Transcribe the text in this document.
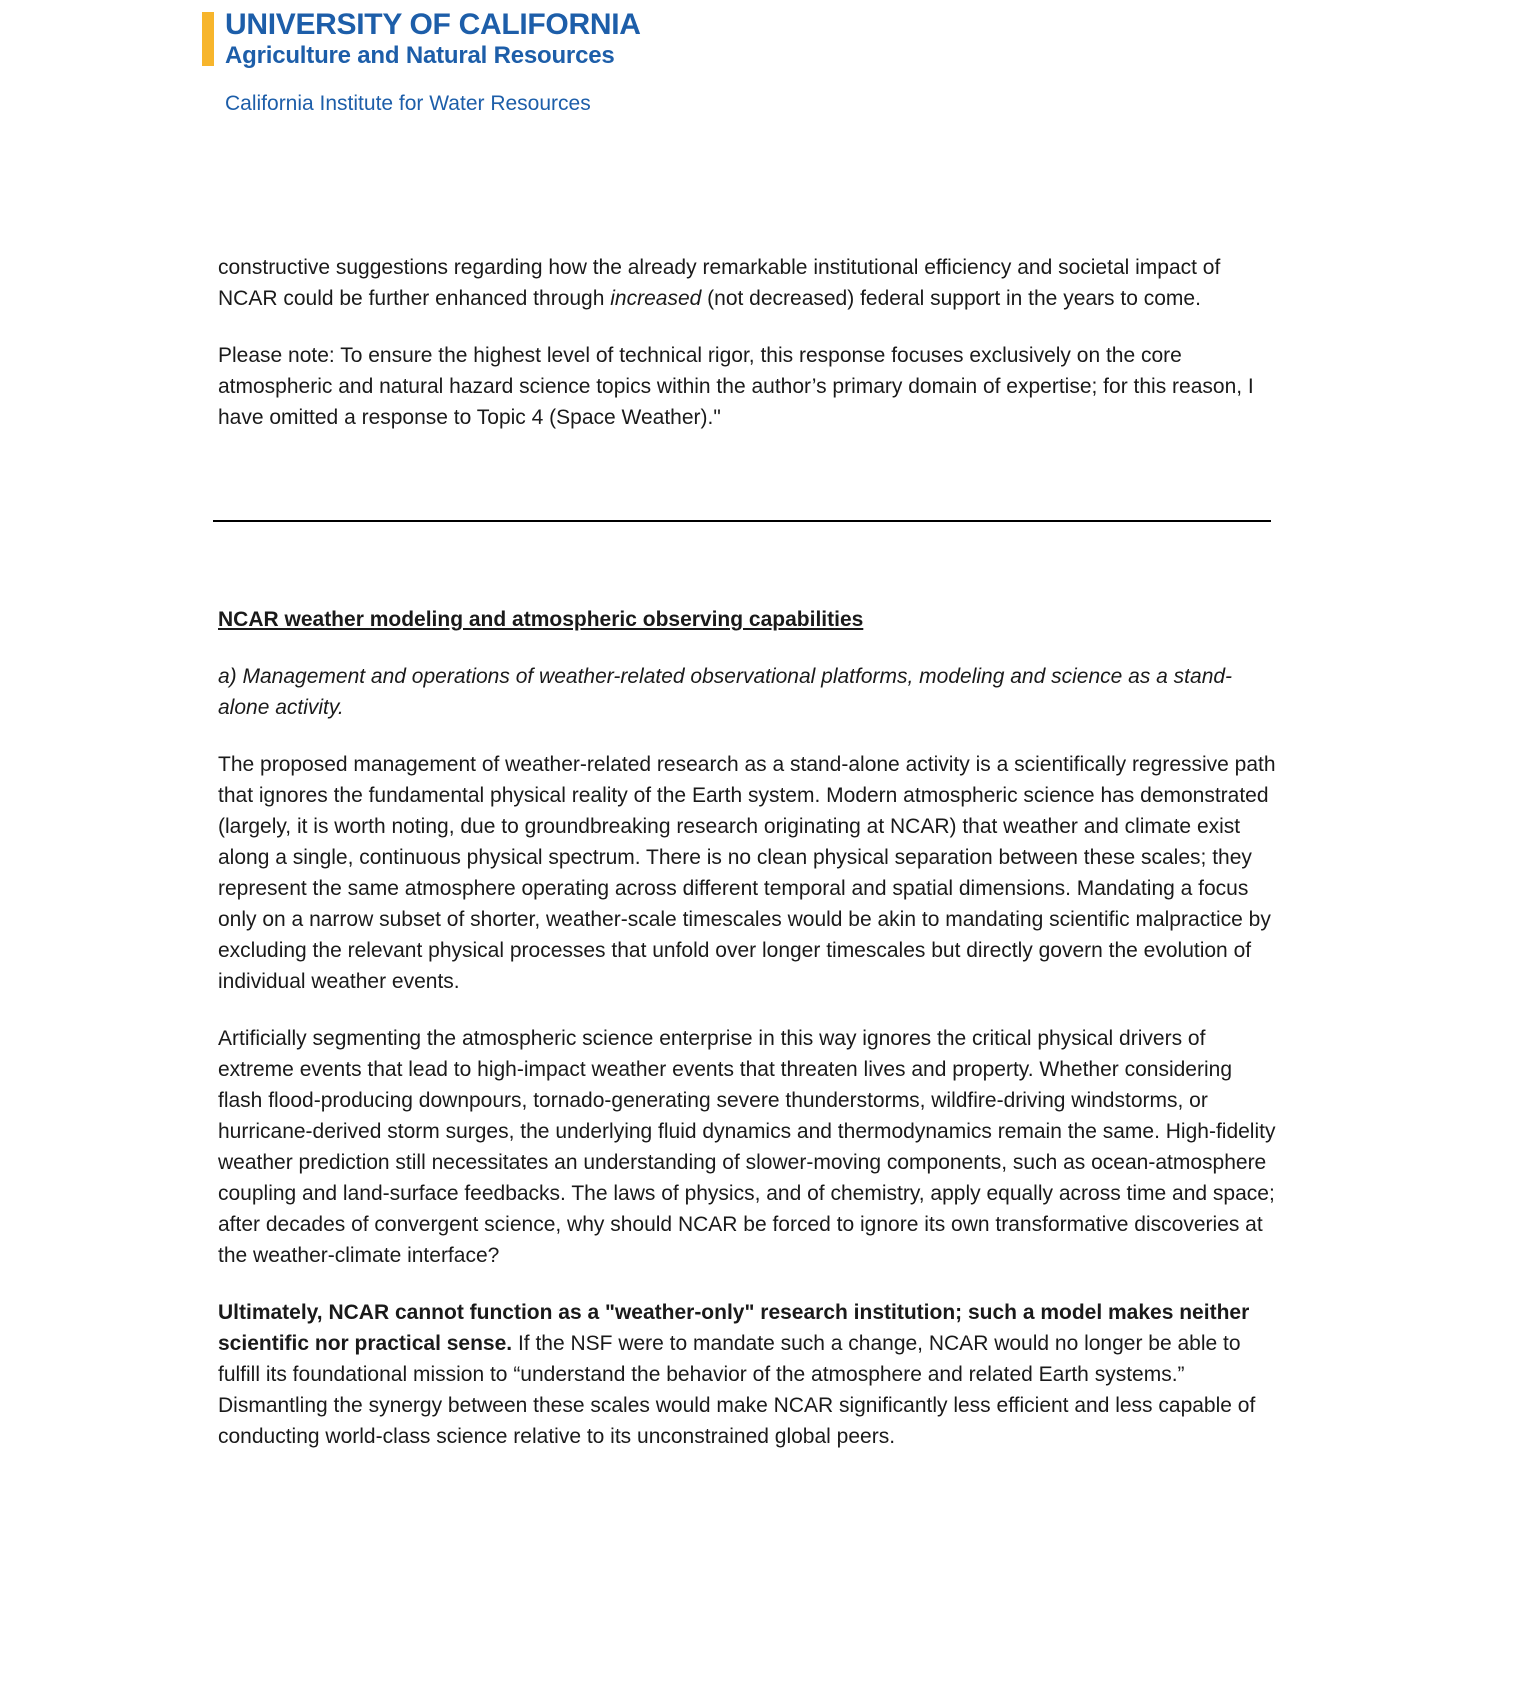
UNIVERSITY OF CALIFORNIA
Agriculture and Natural Resources
California Institute for Water Resources

constructive suggestions regarding how the already remarkable institutional efficiency and societal impact of NCAR could be further enhanced through increased (not decreased) federal support in the years to come.

Please note: To ensure the highest level of technical rigor, this response focuses exclusively on the core atmospheric and natural hazard science topics within the author’s primary domain of expertise; for this reason, I have omitted a response to Topic 4 (Space Weather)."

NCAR weather modeling and atmospheric observing capabilities

a) Management and operations of weather-related observational platforms, modeling and science as a stand-alone activity.

The proposed management of weather-related research as a stand-alone activity is a scientifically regressive path that ignores the fundamental physical reality of the Earth system. Modern atmospheric science has demonstrated (largely, it is worth noting, due to groundbreaking research originating at NCAR) that weather and climate exist along a single, continuous physical spectrum. There is no clean physical separation between these scales; they represent the same atmosphere operating across different temporal and spatial dimensions. Mandating a focus only on a narrow subset of shorter, weather-scale timescales would be akin to mandating scientific malpractice by excluding the relevant physical processes that unfold over longer timescales but directly govern the evolution of individual weather events.

Artificially segmenting the atmospheric science enterprise in this way ignores the critical physical drivers of extreme events that lead to high-impact weather events that threaten lives and property. Whether considering flash flood-producing downpours, tornado-generating severe thunderstorms, wildfire-driving windstorms, or hurricane-derived storm surges, the underlying fluid dynamics and thermodynamics remain the same. High-fidelity weather prediction still necessitates an understanding of slower-moving components, such as ocean-atmosphere coupling and land-surface feedbacks. The laws of physics, and of chemistry, apply equally across time and space; after decades of convergent science, why should NCAR be forced to ignore its own transformative discoveries at the weather-climate interface?

Ultimately, NCAR cannot function as a "weather-only" research institution; such a model makes neither scientific nor practical sense. If the NSF were to mandate such a change, NCAR would no longer be able to fulfill its foundational mission to “understand the behavior of the atmosphere and related Earth systems.” Dismantling the synergy between these scales would make NCAR significantly less efficient and less capable of conducting world-class science relative to its unconstrained global peers.
